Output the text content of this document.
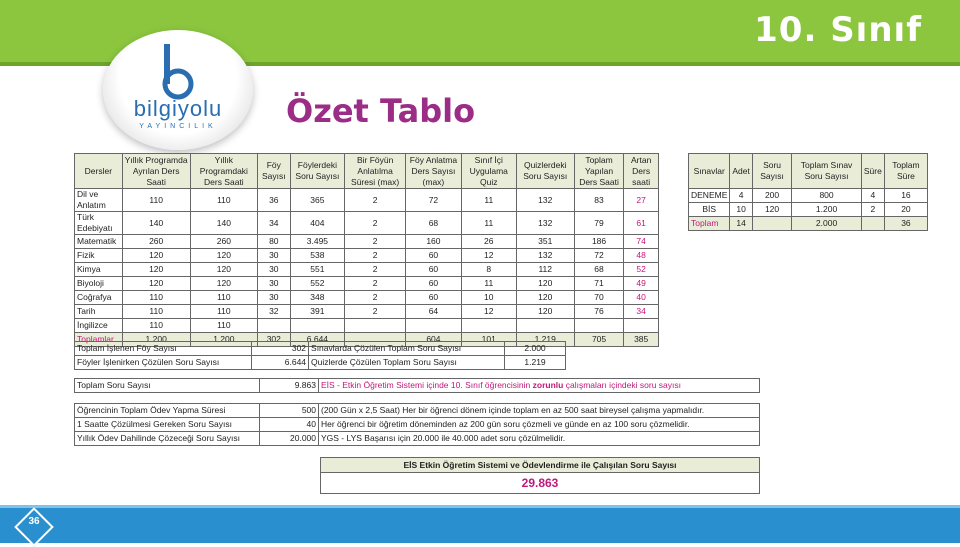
10. Sınıf
bilgiyolu
YAYINCILIK	Özet Tablo
Dersler	Yıllık Programda Ayrılan Ders Saati	Yıllık Programdaki Ders Saati	Föy Sayısı	Föylerdeki Soru Sayısı	Bir Föyün Anlatılma Süresi (max)	Föy Anlatma Ders Sayısı (max)	Sınıf İçi Uygulama Quiz	Quizlerdeki Soru Sayısı	Toplam Yapılan Ders Saati	Artan Ders saati
Dil ve Anlatım	110	110	36	365	2	72	11	132	83	27
Türk Edebiyatı	140	140	34	404	2	68	11	132	79	61
Matematik	260	260	80	3.495	2	160	26	351	186	74
Fizik	120	120	30	538	2	60	12	132	72	48
Kimya	120	120	30	551	2	60	8	112	68	52
Biyoloji	120	120	30	552	2	60	11	120	71	49
Coğrafya	110	110	30	348	2	60	10	120	70	40
Tarih	110	110	32	391	2	64	12	120	76	34
İngilizce	110	110								
Toplamlar	1.200	1.200	302	6.644		604	101	1.219	705	385
Sınavlar	Adet	Soru Sayısı	Toplam Sınav Soru Sayısı	Süre	Toplam Süre
DENEME	4	200	800	4	16
BİS	10	120	1.200	2	20
Toplam	14		2.000		36
Toplam İşlenen Föy Sayısı	302	Sınavlarda Çözülen Toplam Soru Sayısı	2.000
Föyler İşlenirken Çözülen Soru Sayısı	6.644	Quizlerde Çözülen Toplam Soru Sayısı	1.219
Toplam Soru Sayısı	9.863	EİS - Etkin Öğretim Sistemi içinde 10. Sınıf öğrencisinin zorunlu çalışmaları içindeki soru sayısı
Öğrencinin Toplam Ödev Yapma Süresi	500	(200 Gün x 2,5 Saat) Her bir öğrenci dönem içinde toplam en az 500 saat bireysel çalışma yapmalıdır.
1 Saatte Çözülmesi Gereken Soru Sayısı	40	Her öğrenci bir öğretim döneminden az 200 gün soru çözmeli ve günde en az 100 soru çözmelidir.
Yıllık Ödev Dahilinde Çözeceği Soru Sayısı	20.000	YGS - LYS Başarısı için 20.000 ile 40.000 adet soru çözülmelidir.
EİS Etkin Öğretim Sistemi ve Ödevlendirme ile Çalışılan Soru Sayısı
29.863
36
